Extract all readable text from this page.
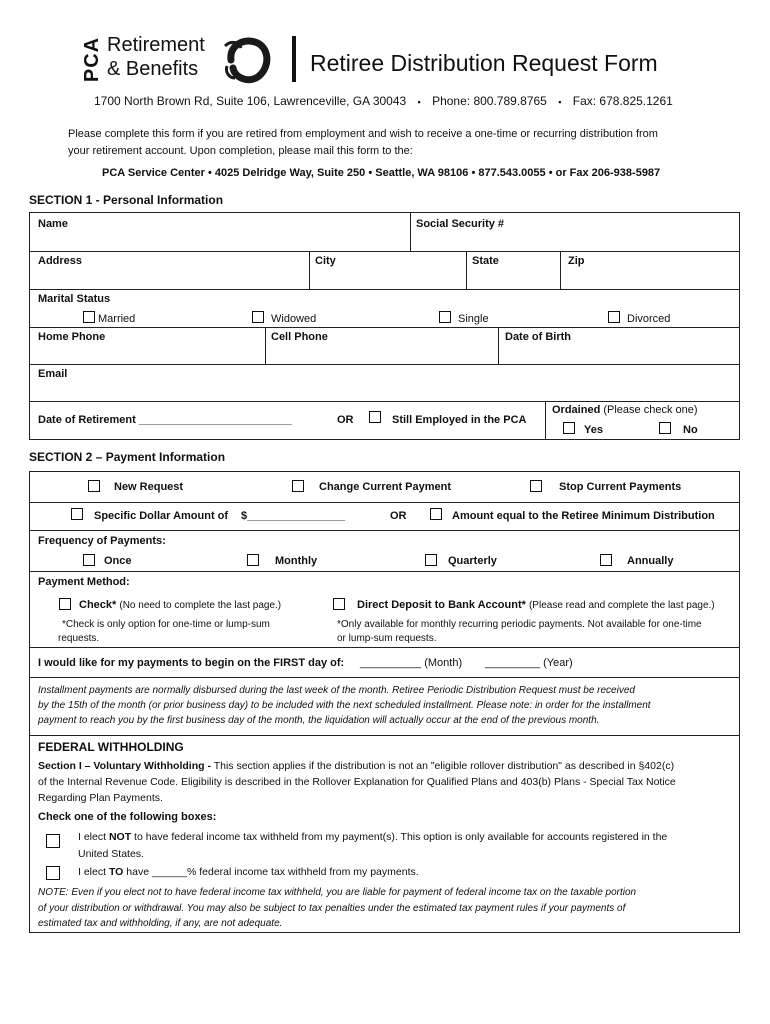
PCA Retirement
& Benefits	Retiree Distribution Request Form
1700 North Brown Rd, Suite 106, Lawrenceville, GA 30043 ▪ Phone: 800.789.8765 ▪ Fax: 678.825.1261
Please complete this form if you are retired from employment and wish to receive a one-time or recurring distribution from
your retirement account. Upon completion, please mail this form to the:
PCA Service Center • 4025 Delridge Way, Suite 250 • Seattle, WA 98106 • 877.543.0055 • or Fax 206-938-5987
SECTION 1 - Personal Information
Name	Social Security #
Address	City	State	Zip
Marital Status
Married	Widowed	Single	Divorced
Home Phone	Cell Phone	Date of Birth
Email
Date of Retirement _________________________	OR	Still Employed in the PCA
Ordained (Please check one)
Yes	No
SECTION 2 – Payment Information
New Request	Change Current Payment	Stop Current Payments
Specific Dollar Amount of $________________	OR	Amount equal to the Retiree Minimum Distribution
Frequency of Payments:
Once	Monthly	Quarterly	Annually
Payment Method:
Check* (No need to complete the last page.)	Direct Deposit to Bank Account* (Please read and complete the last page.)
*Check is only option for one-time or lump-sum
requests.
*Only available for monthly recurring periodic payments. Not available for one-time
or lump-sum requests.
I would like for my payments to begin on the FIRST day of: __________ (Month) _________ (Year)
Installment payments are normally disbursed during the last week of the month. Retiree Periodic Distribution Request must be received
by the 15th of the month (or prior business day) to be included with the next scheduled installment. Please note: in order for the installment
payment to reach you by the first business day of the month, the liquidation will actually occur at the end of the previous month.
FEDERAL WITHHOLDING
Section I – Voluntary Withholding - This section applies if the distribution is not an "eligible rollover distribution" as described in §402(c)
of the Internal Revenue Code. Eligibility is described in the Rollover Explanation for Qualified Plans and 403(b) Plans - Special Tax Notice
Regarding Plan Payments.
Check one of the following boxes:
I elect NOT to have federal income tax withheld from my payment(s). This option is only available for accounts registered in the
United States.
I elect TO have ______% federal income tax withheld from my payments.
NOTE: Even if you elect not to have federal income tax withheld, you are liable for payment of federal income tax on the taxable portion
of your distribution or withdrawal. You may also be subject to tax penalties under the estimated tax payment rules if your payments of
estimated tax and withholding, if any, are not adequate.
